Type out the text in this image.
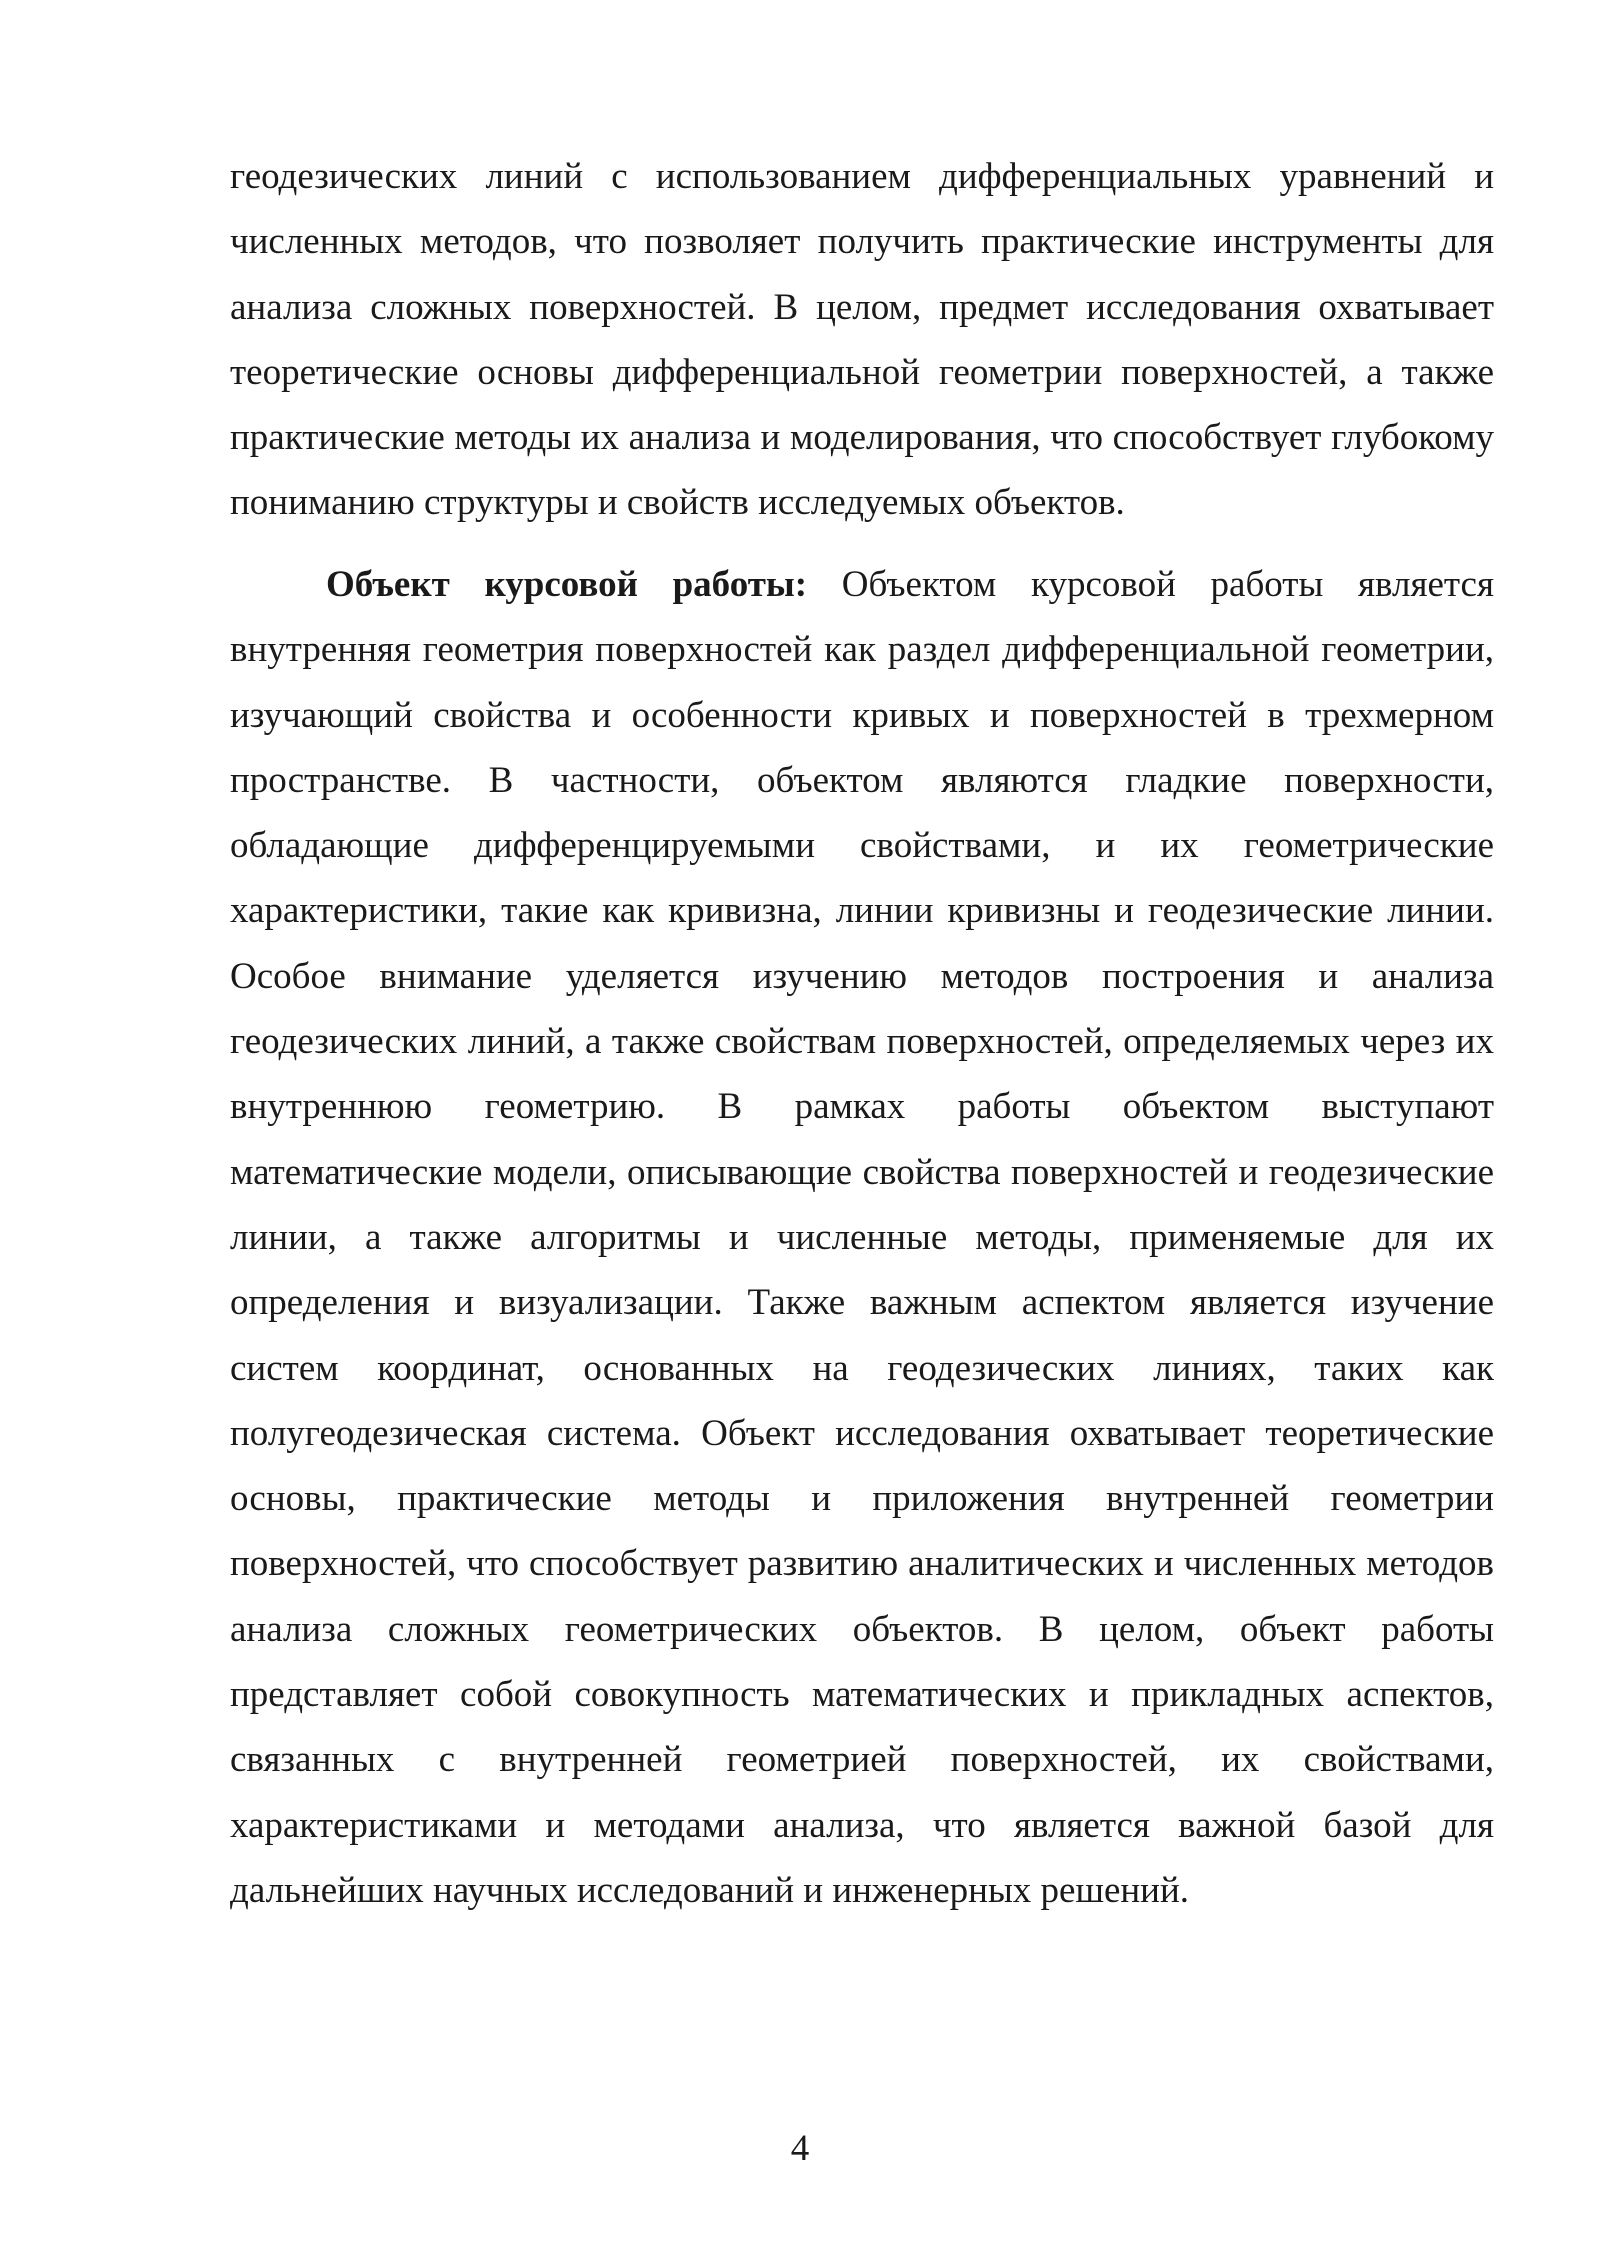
геодезических линий с использованием дифференциальных уравнений и численных методов, что позволяет получить практические инструменты для анализа сложных поверхностей. В целом, предмет исследования охватывает теоретические основы дифференциальной геометрии поверхностей, а также практические методы их анализа и моделирования, что способствует глубокому пониманию структуры и свойств исследуемых объектов.

Объект курсовой работы: Объектом курсовой работы является внутренняя геометрия поверхностей как раздел дифференциальной геометрии, изучающий свойства и особенности кривых и поверхностей в трехмерном пространстве. В частности, объектом являются гладкие поверхности, обладающие дифференцируемыми свойствами, и их геометрические характеристики, такие как кривизна, линии кривизны и геодезические линии. Особое внимание уделяется изучению методов построения и анализа геодезических линий, а также свойствам поверхностей, определяемых через их внутреннюю геометрию. В рамках работы объектом выступают математические модели, описывающие свойства поверхностей и геодезические линии, а также алгоритмы и численные методы, применяемые для их определения и визуализации. Также важным аспектом является изучение систем координат, основанных на геодезических линиях, таких как полугеодезическая система. Объект исследования охватывает теоретические основы, практические методы и приложения внутренней геометрии поверхностей, что способствует развитию аналитических и численных методов анализа сложных геометрических объектов. В целом, объект работы представляет собой совокупность математических и прикладных аспектов, связанных с внутренней геометрией поверхностей, их свойствами, характеристиками и методами анализа, что является важной базой для дальнейших научных исследований и инженерных решений.

4
